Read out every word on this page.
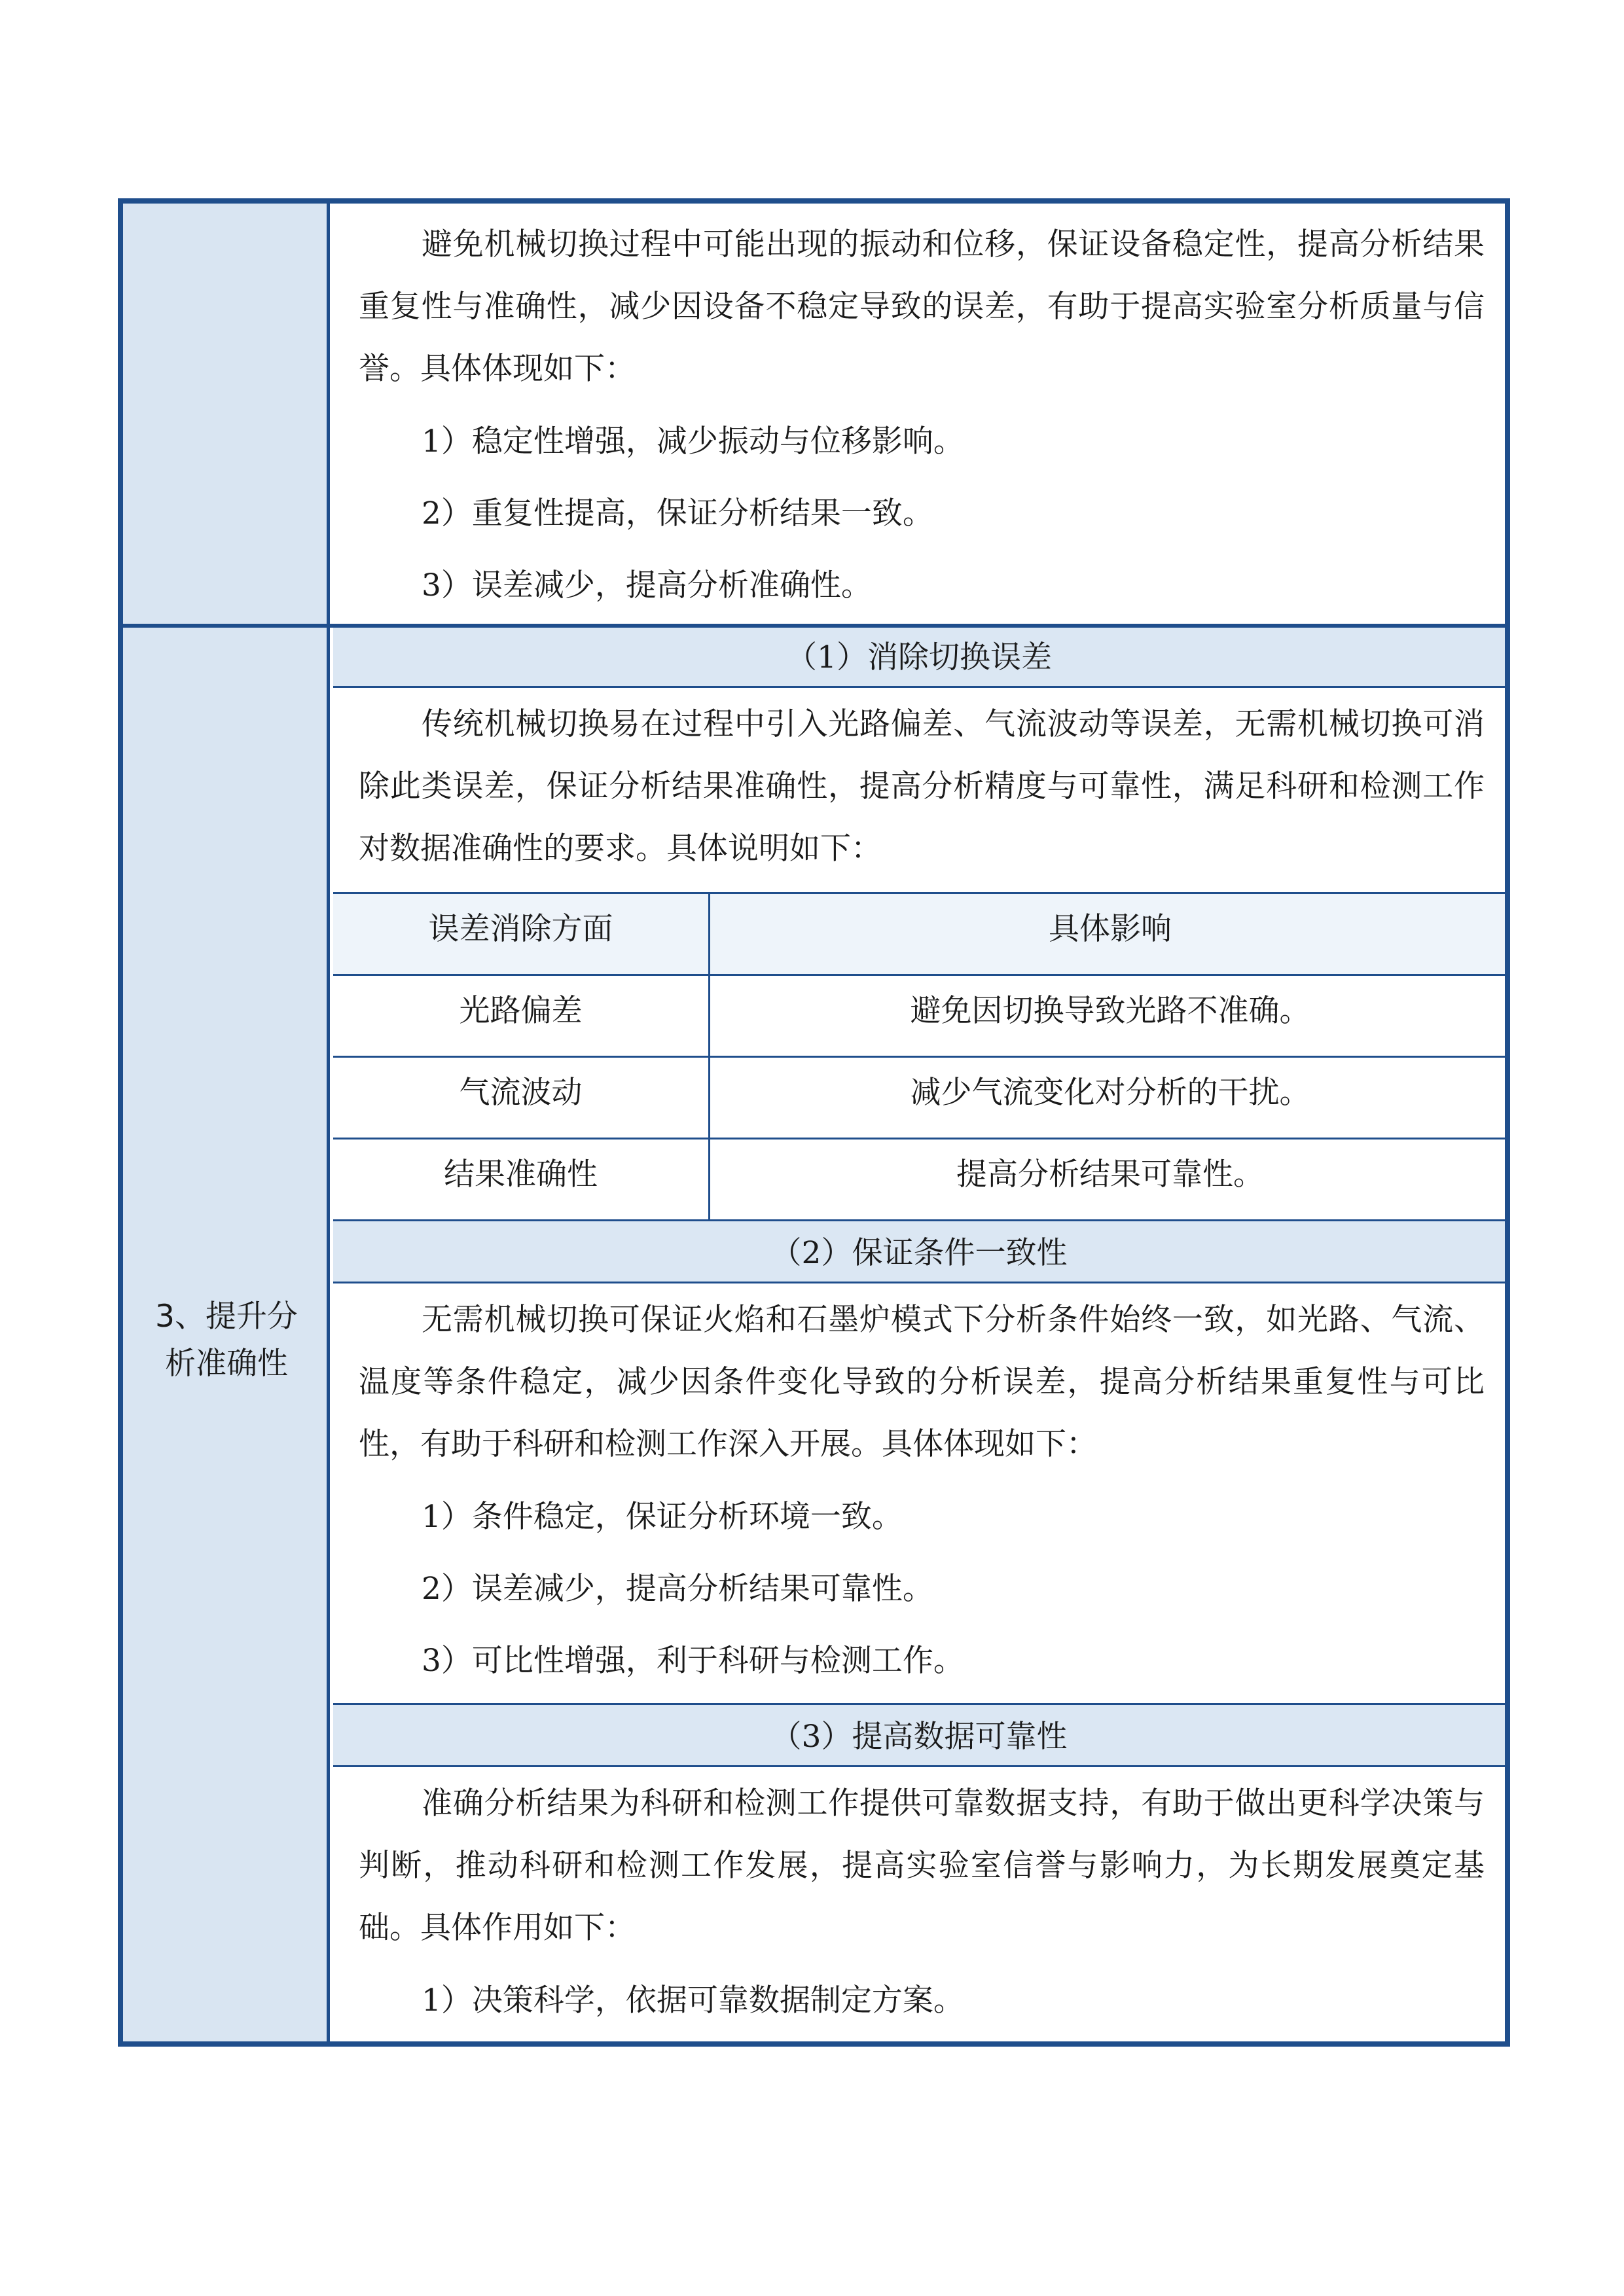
避免机械切换过程中可能出现的振动和位移，保证设备稳定性，提高分析结果重复性与准确性，减少因设备不稳定导致的误差，有助于提高实验室分析质量与信誉。具体体现如下：
1）稳定性增强，减少振动与位移影响。
2）重复性提高，保证分析结果一致。
3）误差减少，提高分析准确性。
3、提升分
析准确性
（1）消除切换误差
传统机械切换易在过程中引入光路偏差、气流波动等误差，无需机械切换可消除此类误差，保证分析结果准确性，提高分析精度与可靠性，满足科研和检测工作对数据准确性的要求。具体说明如下：
误差消除方面	具体影响
光路偏差	避免因切换导致光路不准确。
气流波动	减少气流变化对分析的干扰。
结果准确性	提高分析结果可靠性。
（2）保证条件一致性
无需机械切换可保证火焰和石墨炉模式下分析条件始终一致，如光路、气流、温度等条件稳定，减少因条件变化导致的分析误差，提高分析结果重复性与可比性，有助于科研和检测工作深入开展。具体体现如下：
1）条件稳定，保证分析环境一致。
2）误差减少，提高分析结果可靠性。
3）可比性增强，利于科研与检测工作。
（3）提高数据可靠性
准确分析结果为科研和检测工作提供可靠数据支持，有助于做出更科学决策与判断，推动科研和检测工作发展，提高实验室信誉与影响力，为长期发展奠定基础。具体作用如下：
1）决策科学，依据可靠数据制定方案。
